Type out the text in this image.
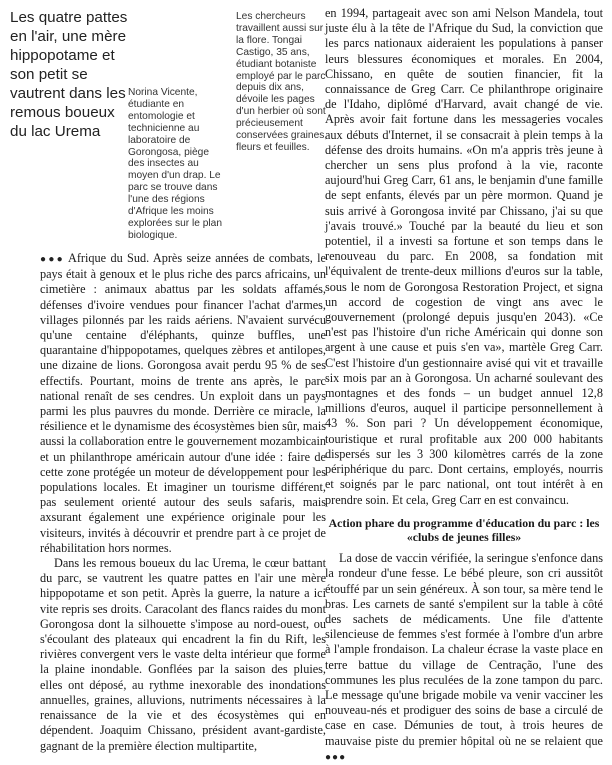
Les quatre pattes en l'air, une mère hippopotame et son petit se vautrent dans les remous boueux du lac Urema
Norina Vicente, étudiante en entomologie et technicienne au laboratoire de Gorongosa, piège des insectes au moyen d'un drap. Le parc se trouve dans l'une des régions d'Afrique les moins explorées sur le plan biologique.
Les chercheurs travaillent aussi sur la flore. Tongai Castigo, 35 ans, étudiant botaniste employé par le parc depuis dix ans, dévoile les pages d'un herbier où sont précieusement conservées graines, fleurs et feuilles.

●●● Afrique du Sud. Après seize années de combats, le pays était à genoux et le plus riche des parcs africains, un cimetière : animaux abattus par les soldats affamés, défenses d'ivoire vendues pour financer l'achat d'armes, villages pilonnés par les raids aériens. N'avaient survécu qu'une centaine d'éléphants, quinze buffles, une quarantaine d'hippopotames, quelques zèbres et antilopes, une dizaine de lions. Gorongosa avait perdu 95 % de ses effectifs. Pourtant, moins de trente ans après, le parc national renaît de ses cendres. Un exploit dans un pays parmi les plus pauvres du monde. Derrière ce miracle, la résilience et le dynamisme des écosystèmes bien sûr, mais aussi la collaboration entre le gouvernement mozambicain et un philanthrope américain autour d'une idée : faire de cette zone protégée un moteur de développement pour les populations locales. Et imaginer un tourisme différent, pas seulement orienté autour des seuls safaris, mais axsurant également une expérience originale pour les visiteurs, invités à découvrir et prendre part à ce projet de réhabilitation hors normes.

Dans les remous boueux du lac Urema, le cœur battant du parc, se vautrent les quatre pattes en l'air une mère hippopotame et son petit. Après la guerre, la nature a ici vite repris ses droits. Caracolant des flancs raides du mont Gorongosa dont la silhouette s'impose au nord-ouest, ou s'écoulant des plateaux qui encadrent la fin du Rift, les rivières convergent vers le vaste delta intérieur que forme la plaine inondable. Gonflées par la saison des pluies, elles ont déposé, au rythme inexorable des inondations annuelles, graines, alluvions, nutriments nécessaires à la renaissance de la vie et des écosystèmes qui en dépendent. Joaquim Chissano, président avant-gardiste, gagnant de la première élection multipartite,

en 1994, partageait avec son ami Nelson Mandela, tout juste élu à la tête de l'Afrique du Sud, la conviction que les parcs nationaux aideraient les populations à panser leurs blessures économiques et morales. En 2004, Chissano, en quête de soutien financier, fit la connaissance de Greg Carr. Ce philanthrope originaire de l'Idaho, diplômé d'Harvard, avait changé de vie. Après avoir fait fortune dans les messageries vocales aux débuts d'Internet, il se consacrait à plein temps à la défense des droits humains. «On m'a appris très jeune à chercher un sens plus profond à la vie, raconte aujourd'hui Greg Carr, 61 ans, le benjamin d'une famille de sept enfants, élevés par un père mormon. Quand je suis arrivé à Gorongosa invité par Chissano, j'ai su que j'avais trouvé.» Touché par la beauté du lieu et son potentiel, il a investi sa fortune et son temps dans le renouveau du parc. En 2008, sa fondation mit l'équivalent de trente-deux millions d'euros sur la table, sous le nom de Gorongosa Restoration Project, et signa un accord de cogestion de vingt ans avec le gouvernement (prolongé depuis jusqu'en 2043). «Ce n'est pas l'histoire d'un riche Américain qui donne son argent à une cause et puis s'en va», martèle Greg Carr. C'est l'histoire d'un gestionnaire avisé qui vit et travaille six mois par an à Gorongosa. Un acharné soulevant des montagnes et des fonds – un budget annuel 12,8 millions d'euros, auquel il participe personnellement à 43 %. Son pari ? Un développement économique, touristique et rural profitable aux 200 000 habitants dispersés sur les 3 300 kilomètres carrés de la zone périphérique du parc. Dont certains, employés, nourris et soignés par le parc national, ont tout intérêt à en prendre soin. Et cela, Greg Carr en est convaincu.

Action phare du programme d'éducation du parc : les «clubs de jeunes filles»

La dose de vaccin vérifiée, la seringue s'enfonce dans la rondeur d'une fesse. Le bébé pleure, son cri aussitôt étouffé par un sein généreux. À son tour, sa mère tend le bras. Les carnets de santé s'empilent sur la table à côté des sachets de médicaments. Une file d'attente silencieuse de femmes s'est formée à l'ombre d'un arbre à l'ample frondaison. La chaleur écrase la vaste place en terre battue du village de Centração, l'une des communes les plus reculées de la zone tampon du parc. Le message qu'une brigade mobile va venir vacciner les nouveau-nés et prodiguer des soins de base a circulé de case en case. Démunies de tout, à trois heures de mauvaise piste du premier hôpital où ne se relaient que ●●●
